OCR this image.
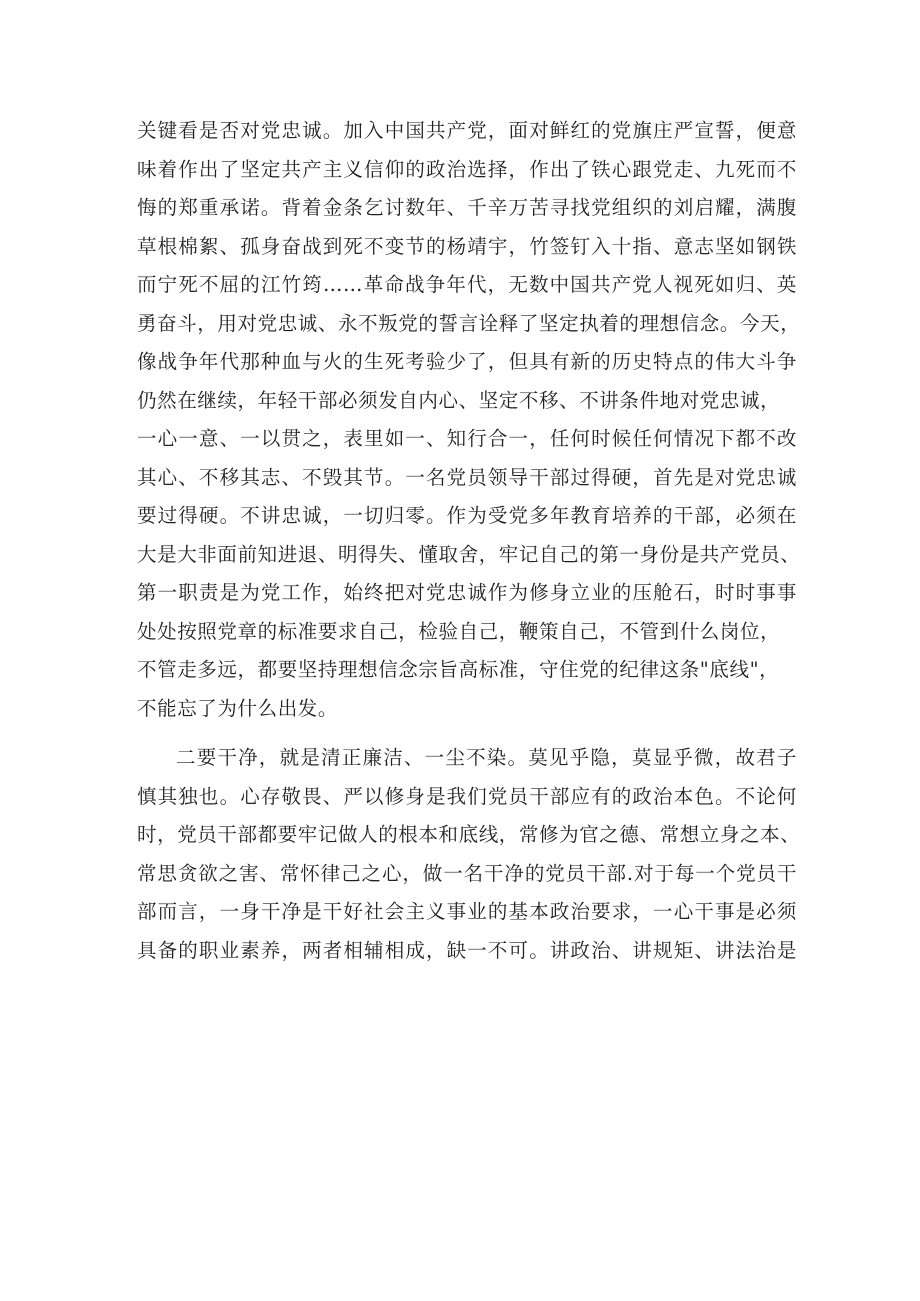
关键看是否对党忠诚。加入中国共产党，面对鲜红的党旗庄严宣誓，便意
味着作出了坚定共产主义信仰的政治选择，作出了铁心跟党走、九死而不
悔的郑重承诺。背着金条乞讨数年、千辛万苦寻找党组织的刘启耀，满腹
草根棉絮、孤身奋战到死不变节的杨靖宇，竹签钉入十指、意志坚如钢铁
而宁死不屈的江竹筠……革命战争年代，无数中国共产党人视死如归、英
勇奋斗，用对党忠诚、永不叛党的誓言诠释了坚定执着的理想信念。今天，
像战争年代那种血与火的生死考验少了，但具有新的历史特点的伟大斗争
仍然在继续，年轻干部必须发自内心、坚定不移、不讲条件地对党忠诚，
一心一意、一以贯之，表里如一、知行合一，任何时候任何情况下都不改
其心、不移其志、不毁其节。一名党员领导干部过得硬，首先是对党忠诚
要过得硬。不讲忠诚，一切归零。作为受党多年教育培养的干部，必须在
大是大非面前知进退、明得失、懂取舍，牢记自己的第一身份是共产党员、
第一职责是为党工作，始终把对党忠诚作为修身立业的压舱石，时时事事
处处按照党章的标准要求自己，检验自己，鞭策自己，不管到什么岗位，
不管走多远，都要坚持理想信念宗旨高标准，守住党的纪律这条"底线"，
不能忘了为什么出发。
二要干净，就是清正廉洁、一尘不染。莫见乎隐，莫显乎微，故君子
慎其独也。心存敬畏、严以修身是我们党员干部应有的政治本色。不论何
时，党员干部都要牢记做人的根本和底线，常修为官之德、常想立身之本、
常思贪欲之害、常怀律己之心，做一名干净的党员干部.对于每一个党员干
部而言，一身干净是干好社会主义事业的基本政治要求，一心干事是必须
具备的职业素养，两者相辅相成，缺一不可。讲政治、讲规矩、讲法治是
